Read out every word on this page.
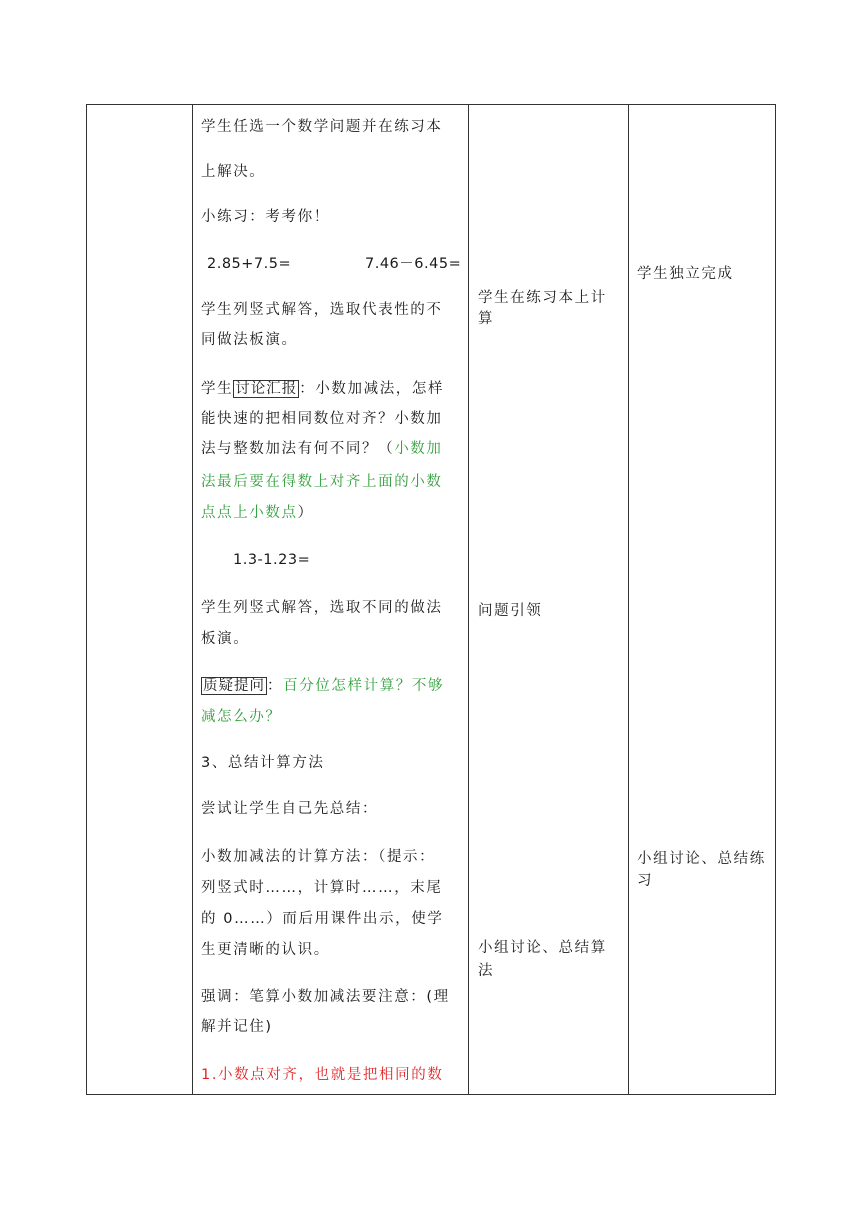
学生任选一个数学问题并在练习本
上解决。
小练习：考考你！
2.85+7.5=	7.46－6.45=
学生列竖式解答，选取代表性的不
同做法板演。
学生 讨论汇报 ：小数加减法，怎样
能快速的把相同数位对齐？小数加
法与整数加法有何不同？（小数加
法最后要在得数上对齐上面的小数
点点上小数点）
1.3-1.23=
学生列竖式解答，选取不同的做法
板演。
质疑提问 ：百分位怎样计算？不够
减怎么办？
3、总结计算方法
尝试让学生自己先总结：
小数加减法的计算方法：（提示：
列竖式时……，计算时……，末尾
的 0……）而后用课件出示，使学
生更清晰的认识。
强调：笔算小数加减法要注意：(理
解并记住)
1.小数点对齐，也就是把相同的数
学生在练习本上计
算
问题引领
小组讨论、总结算
法
学生独立完成
小组讨论、总结练
习
